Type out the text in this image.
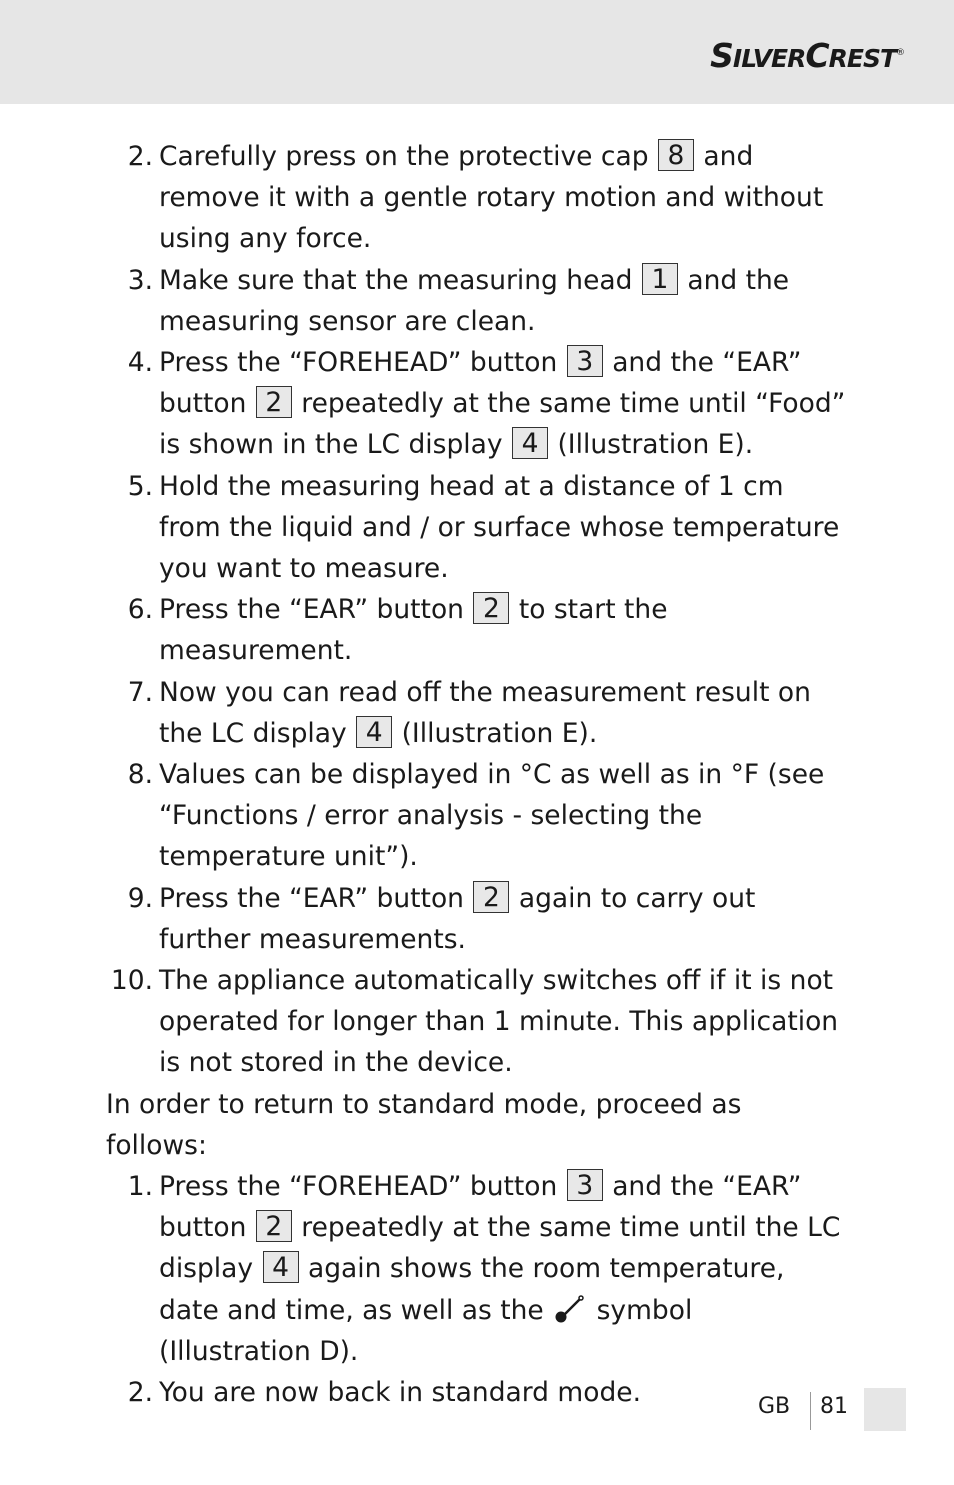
SILVERCREST®
2. Carefully press on the protective cap 8 and remove it with a gentle rotary motion and without using any force.
3. Make sure that the measuring head 1 and the measuring sensor are clean.
4. Press the “FOREHEAD” button 3 and the “EAR” button 2 repeatedly at the same time until “Food” is shown in the LC display 4 (Illustration E).
5. Hold the measuring head at a distance of 1 cm from the liquid and / or surface whose temperature you want to measure.
6. Press the “EAR” button 2 to start the measurement.
7. Now you can read off the measurement result on the LC display 4 (Illustration E).
8. Values can be displayed in °C as well as in °F (see “Functions / error analysis - selecting the temperature unit”).
9. Press the “EAR” button 2 again to carry out further measurements.
10. The appliance automatically switches off if it is not operated for longer than 1 minute. This application is not stored in the device.
In order to return to standard mode, proceed as follows:
1. Press the “FOREHEAD” button 3 and the “EAR” button 2 repeatedly at the same time until the LC display 4 again shows the room temperature, date and time, as well as the symbol (Illustration D).
2. You are now back in standard mode.	GB 81
